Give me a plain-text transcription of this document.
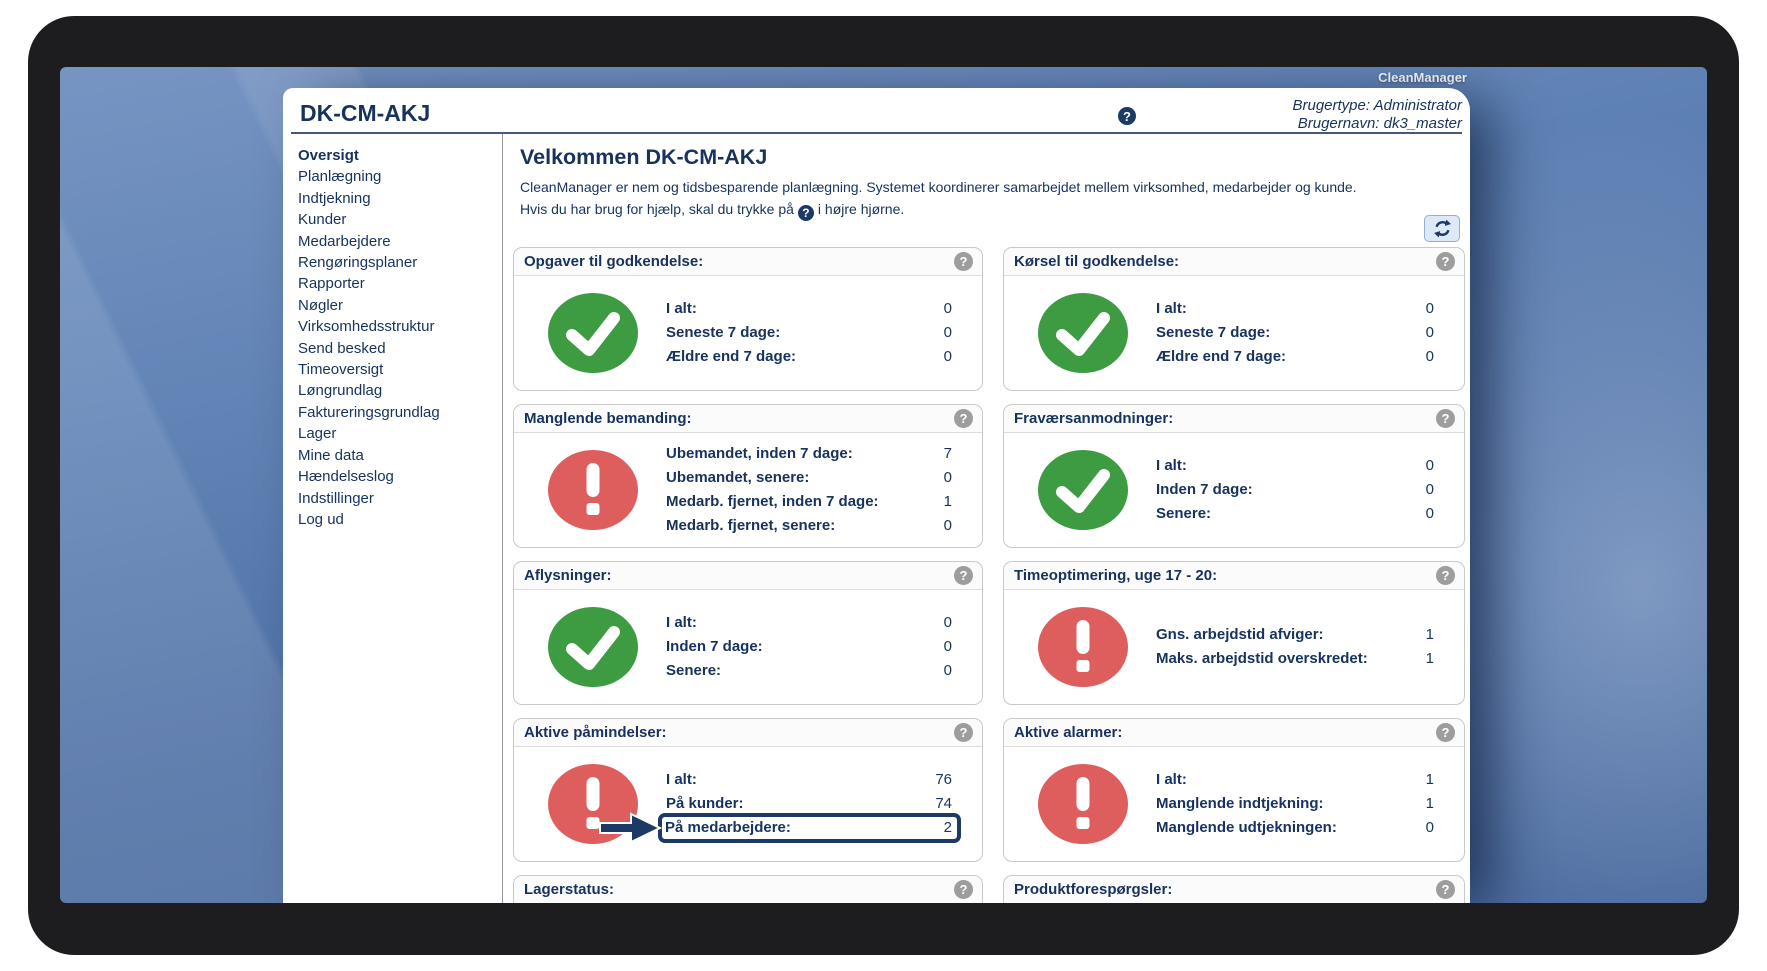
CleanManager
DK-CM-AKJ	?
Brugertype: Administrator
Brugernavn: dk3_master
Oversigt
Planlægning
Indtjekning
Kunder
Medarbejdere
Rengøringsplaner
Rapporter
Nøgler
Virksomhedsstruktur
Send besked
Timeoversigt
Løngrundlag
Faktureringsgrundlag
Lager
Mine data
Hændelseslog
Indstillinger
Log ud
Velkommen DK-CM-AKJ
CleanManager er nem og tidsbesparende planlægning. Systemet koordinerer samarbejdet mellem virksomhed, medarbejder og kunde.
Hvis du har brug for hjælp, skal du trykke på ? i højre hjørne.
Opgaver til godkendelse:	?
I alt:	0
Seneste 7 dage:	0
Ældre end 7 dage:	0
Kørsel til godkendelse:	?
I alt:	0
Seneste 7 dage:	0
Ældre end 7 dage:	0
Manglende bemanding:	?
Ubemandet, inden 7 dage:	7
Ubemandet, senere:	0
Medarb. fjernet, inden 7 dage:	1
Medarb. fjernet, senere:	0
Fraværsanmodninger:	?
I alt:	0
Inden 7 dage:	0
Senere:	0
Aflysninger:	?
I alt:	0
Inden 7 dage:	0
Senere:	0
Timeoptimering, uge 17 - 20:	?
Gns. arbejdstid afviger:	1
Maks. arbejdstid overskredet:	1
Aktive påmindelser:	?
I alt:	76
På kunder:	74
På medarbejdere:	2
Aktive alarmer:	?
I alt:	1
Manglende indtjekning:	1
Manglende udtjekningen:	0
Lagerstatus:	?	Produktforespørgsler:	?
